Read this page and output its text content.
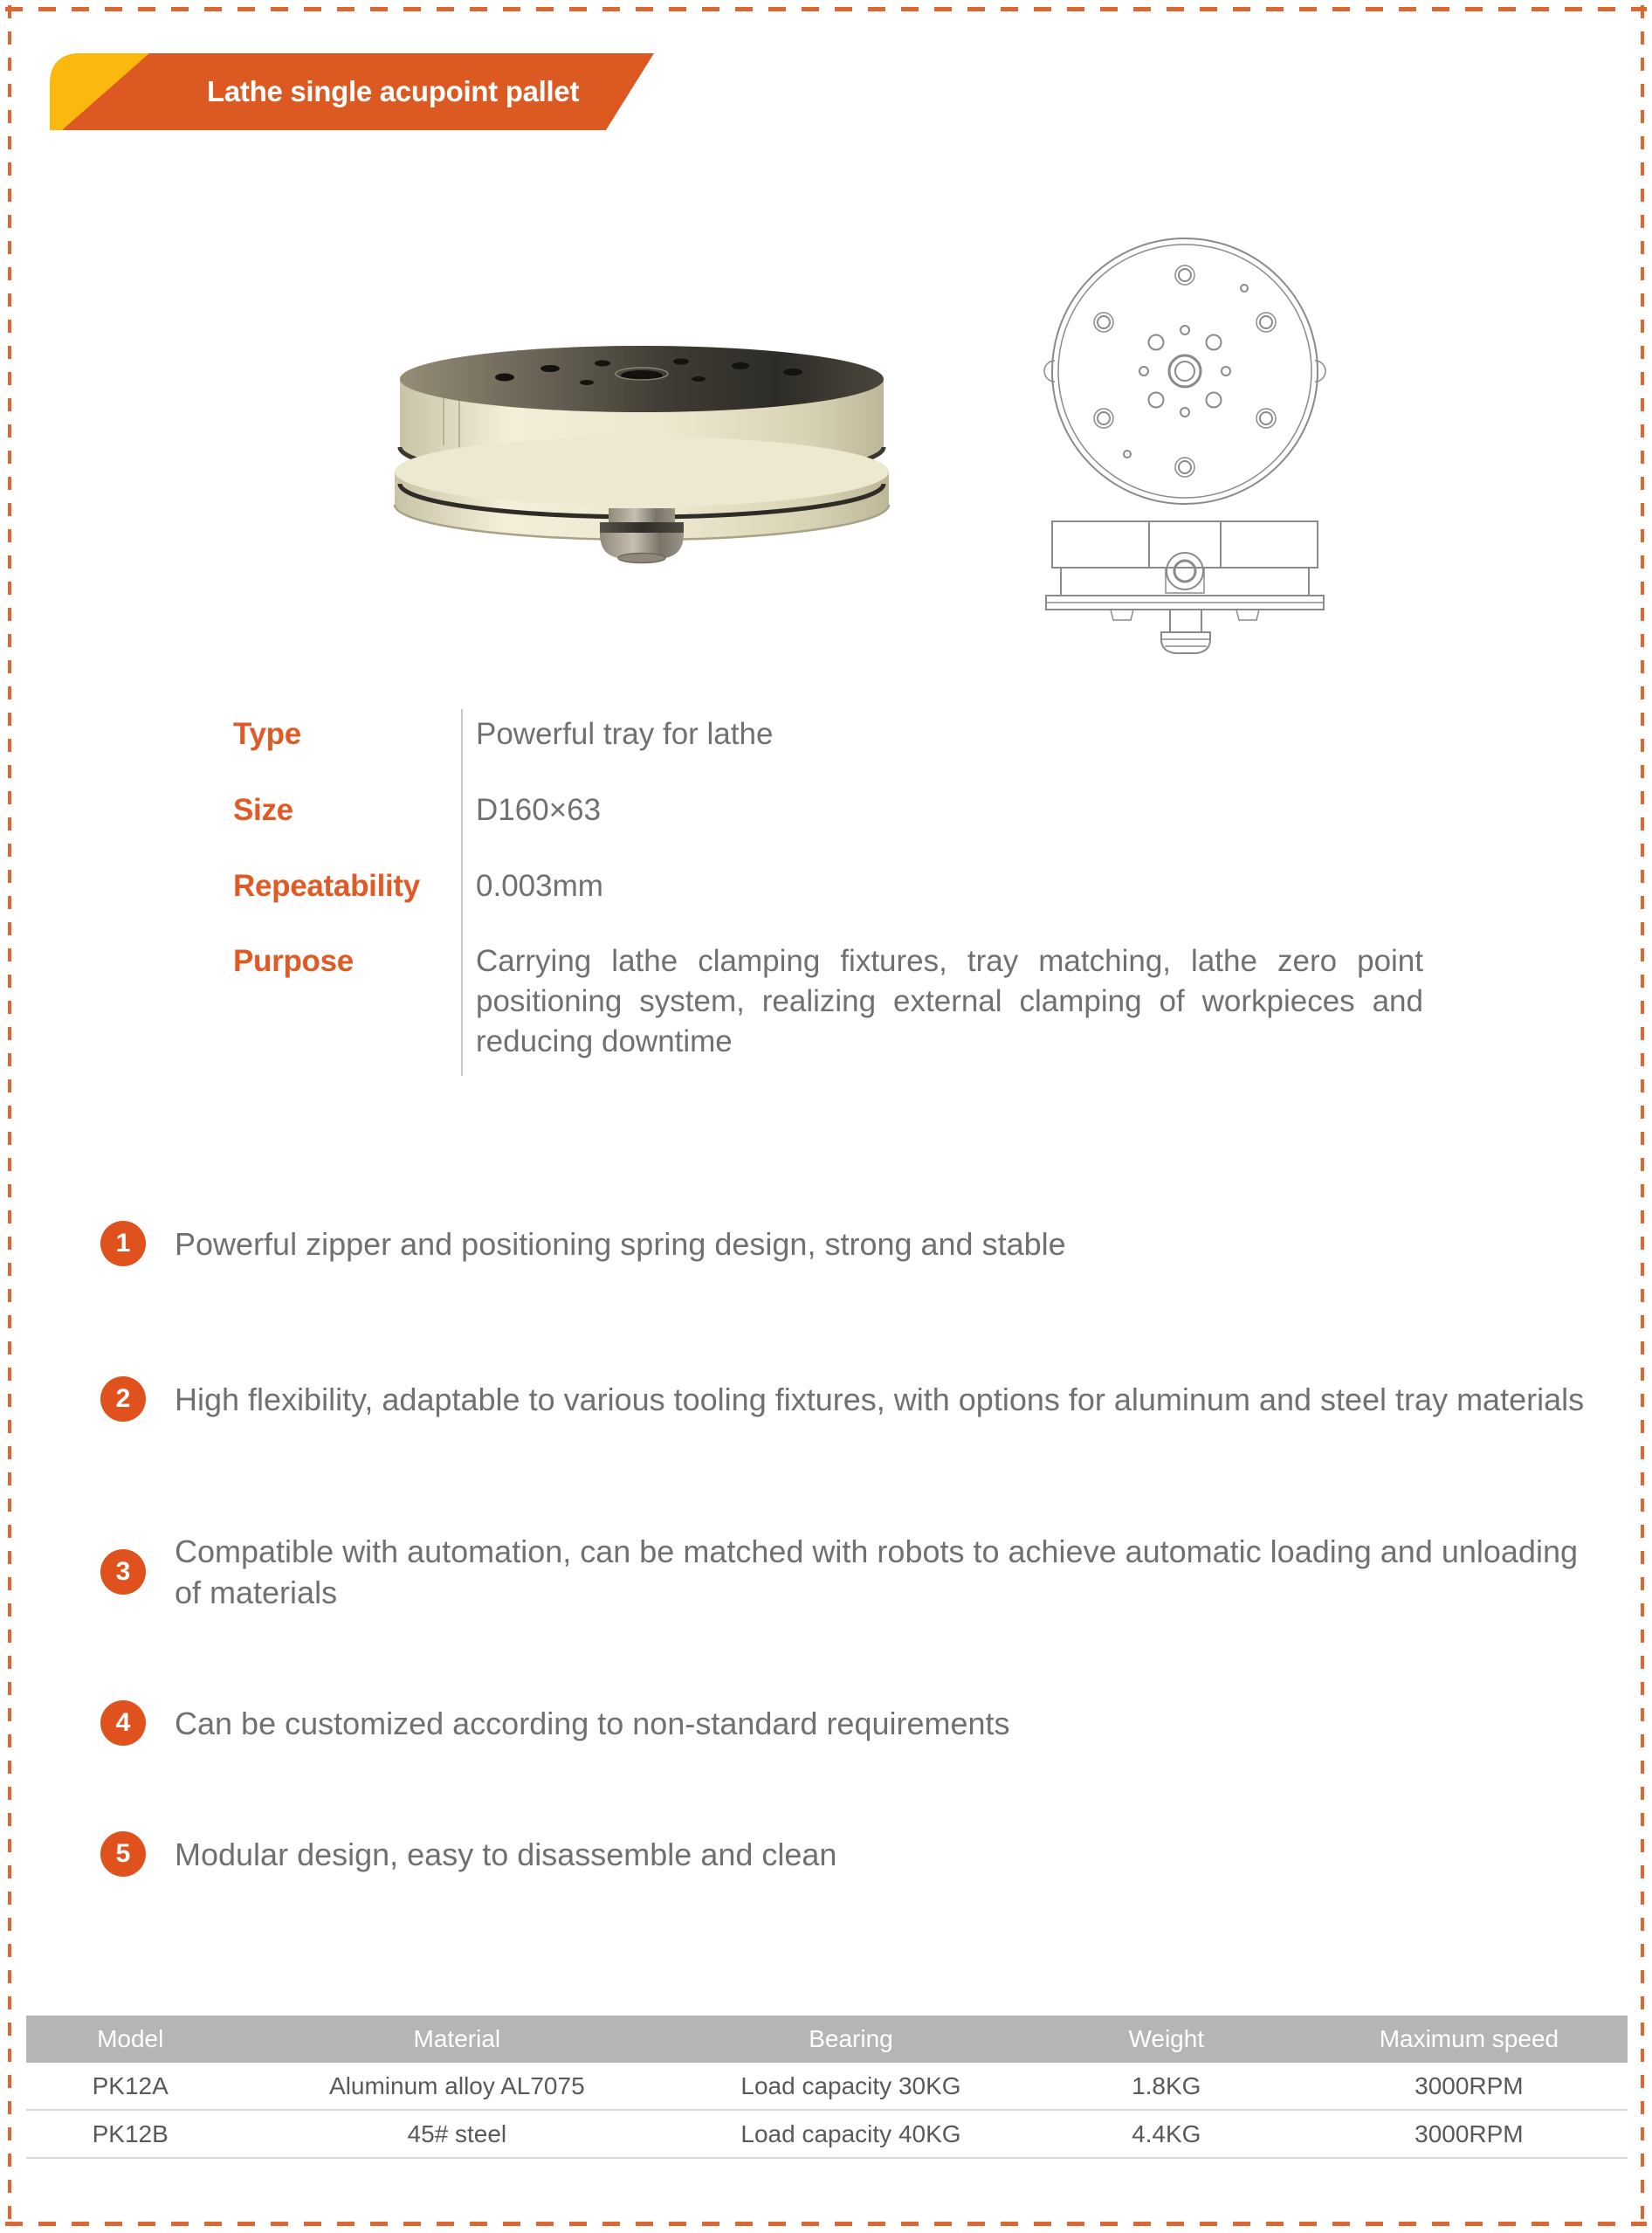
Lathe single acupoint pallet
Type	Powerful tray for lathe
Size	D160×63
Repeatability	0.003mm
Purpose	Carrying lathe clamping fixtures, tray matching, lathe zero point positioning system, realizing external clamping of workpieces and reducing downtime
1	Powerful zipper and positioning spring design, strong and stable
2	High flexibility, adaptable to various tooling fixtures, with options for aluminum and steel tray materials
3
Compatible with automation, can be matched with robots to achieve automatic loading and unloading of materials
4	Can be customized according to non-standard requirements
5	Modular design, easy to disassemble and clean
Model	Material	Bearing	Weight	Maximum speed
PK12A	Aluminum alloy AL7075	Load capacity 30KG	1.8KG	3000RPM
PK12B	45# steel	Load capacity 40KG	4.4KG	3000RPM
